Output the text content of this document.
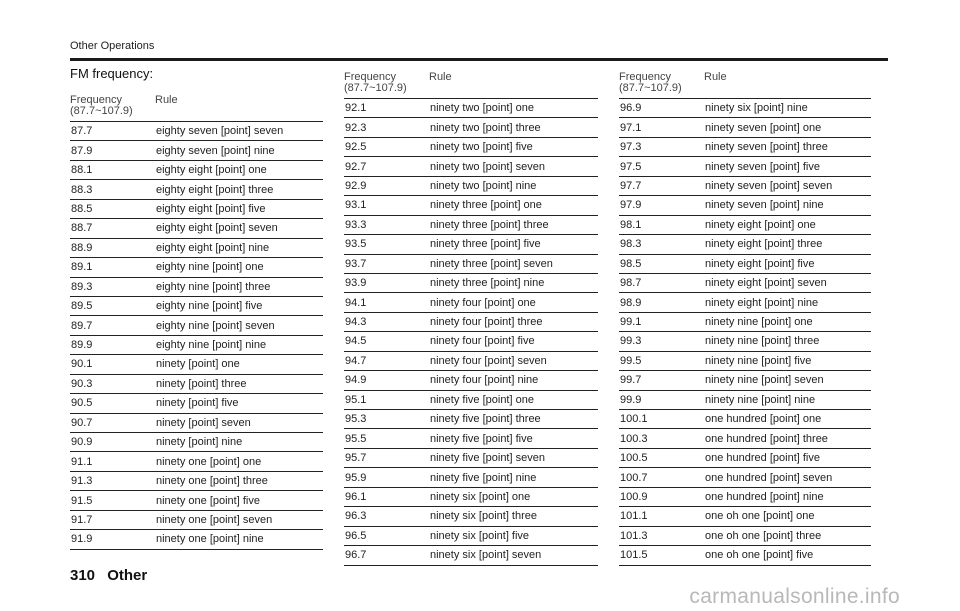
Other Operations
FM frequency:
Frequency
(87.7~107.9)
Rule
87.7	eighty seven [point] seven
87.9	eighty seven [point] nine
88.1	eighty eight [point] one
88.3	eighty eight [point] three
88.5	eighty eight [point] five
88.7	eighty eight [point] seven
88.9	eighty eight [point] nine
89.1	eighty nine [point] one
89.3	eighty nine [point] three
89.5	eighty nine [point] five
89.7	eighty nine [point] seven
89.9	eighty nine [point] nine
90.1	ninety [point] one
90.3	ninety [point] three
90.5	ninety [point] five
90.7	ninety [point] seven
90.9	ninety [point] nine
91.1	ninety one [point] one
91.3	ninety one [point] three
91.5	ninety one [point] five
91.7	ninety one [point] seven
91.9	ninety one [point] nine
Frequency
(87.7~107.9)
Rule
92.1	ninety two [point] one
92.3	ninety two [point] three
92.5	ninety two [point] five
92.7	ninety two [point] seven
92.9	ninety two [point] nine
93.1	ninety three [point] one
93.3	ninety three [point] three
93.5	ninety three [point] five
93.7	ninety three [point] seven
93.9	ninety three [point] nine
94.1	ninety four [point] one
94.3	ninety four [point] three
94.5	ninety four [point] five
94.7	ninety four [point] seven
94.9	ninety four [point] nine
95.1	ninety five [point] one
95.3	ninety five [point] three
95.5	ninety five [point] five
95.7	ninety five [point] seven
95.9	ninety five [point] nine
96.1	ninety six [point] one
96.3	ninety six [point] three
96.5	ninety six [point] five
96.7	ninety six [point] seven
Frequency
(87.7~107.9)
Rule
96.9	ninety six [point] nine
97.1	ninety seven [point] one
97.3	ninety seven [point] three
97.5	ninety seven [point] five
97.7	ninety seven [point] seven
97.9	ninety seven [point] nine
98.1	ninety eight [point] one
98.3	ninety eight [point] three
98.5	ninety eight [point] five
98.7	ninety eight [point] seven
98.9	ninety eight [point] nine
99.1	ninety nine [point] one
99.3	ninety nine [point] three
99.5	ninety nine [point] five
99.7	ninety nine [point] seven
99.9	ninety nine [point] nine
100.1	one hundred [point] one
100.3	one hundred [point] three
100.5	one hundred [point] five
100.7	one hundred [point] seven
100.9	one hundred [point] nine
101.1	one oh one [point] one
101.3	one oh one [point] three
101.5	one oh one [point] five
310 Other
carmanualsonline.info
